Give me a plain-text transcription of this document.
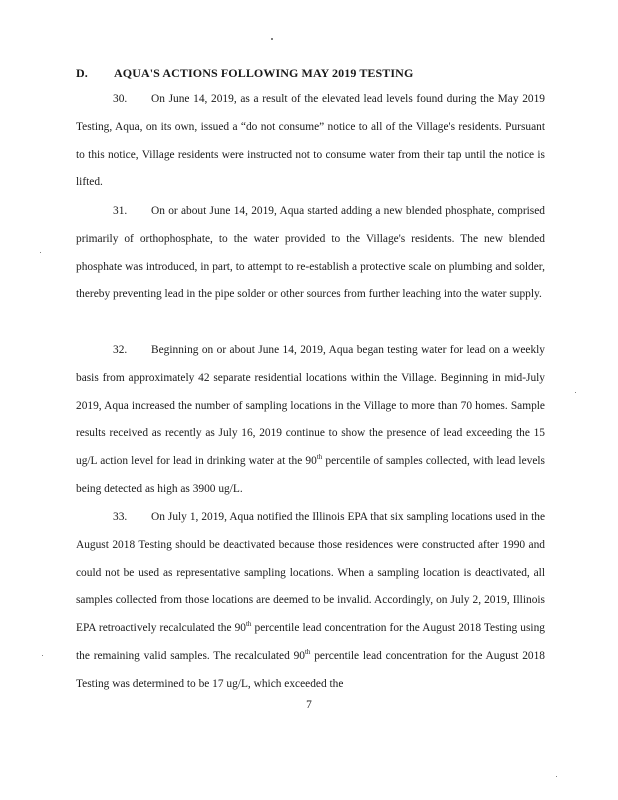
D. AQUA'S ACTIONS FOLLOWING MAY 2019 TESTING

30. On June 14, 2019, as a result of the elevated lead levels found during the May 2019 Testing, Aqua, on its own, issued a “do not consume” notice to all of the Village's residents. Pursuant to this notice, Village residents were instructed not to consume water from their tap until the notice is lifted.

31. On or about June 14, 2019, Aqua started adding a new blended phosphate, comprised primarily of orthophosphate, to the water provided to the Village's residents. The new blended phosphate was introduced, in part, to attempt to re-establish a protective scale on plumbing and solder, thereby preventing lead in the pipe solder or other sources from further leaching into the water supply.

32. Beginning on or about June 14, 2019, Aqua began testing water for lead on a weekly basis from approximately 42 separate residential locations within the Village. Beginning in mid-July 2019, Aqua increased the number of sampling locations in the Village to more than 70 homes. Sample results received as recently as July 16, 2019 continue to show the presence of lead exceeding the 15 ug/L action level for lead in drinking water at the 90th percentile of samples collected, with lead levels being detected as high as 3900 ug/L.

33. On July 1, 2019, Aqua notified the Illinois EPA that six sampling locations used in the August 2018 Testing should be deactivated because those residences were constructed after 1990 and could not be used as representative sampling locations. When a sampling location is deactivated, all samples collected from those locations are deemed to be invalid. Accordingly, on July 2, 2019, Illinois EPA retroactively recalculated the 90th percentile lead concentration for the August 2018 Testing using the remaining valid samples. The recalculated 90th percentile lead concentration for the August 2018 Testing was determined to be 17 ug/L, which exceeded the

7
